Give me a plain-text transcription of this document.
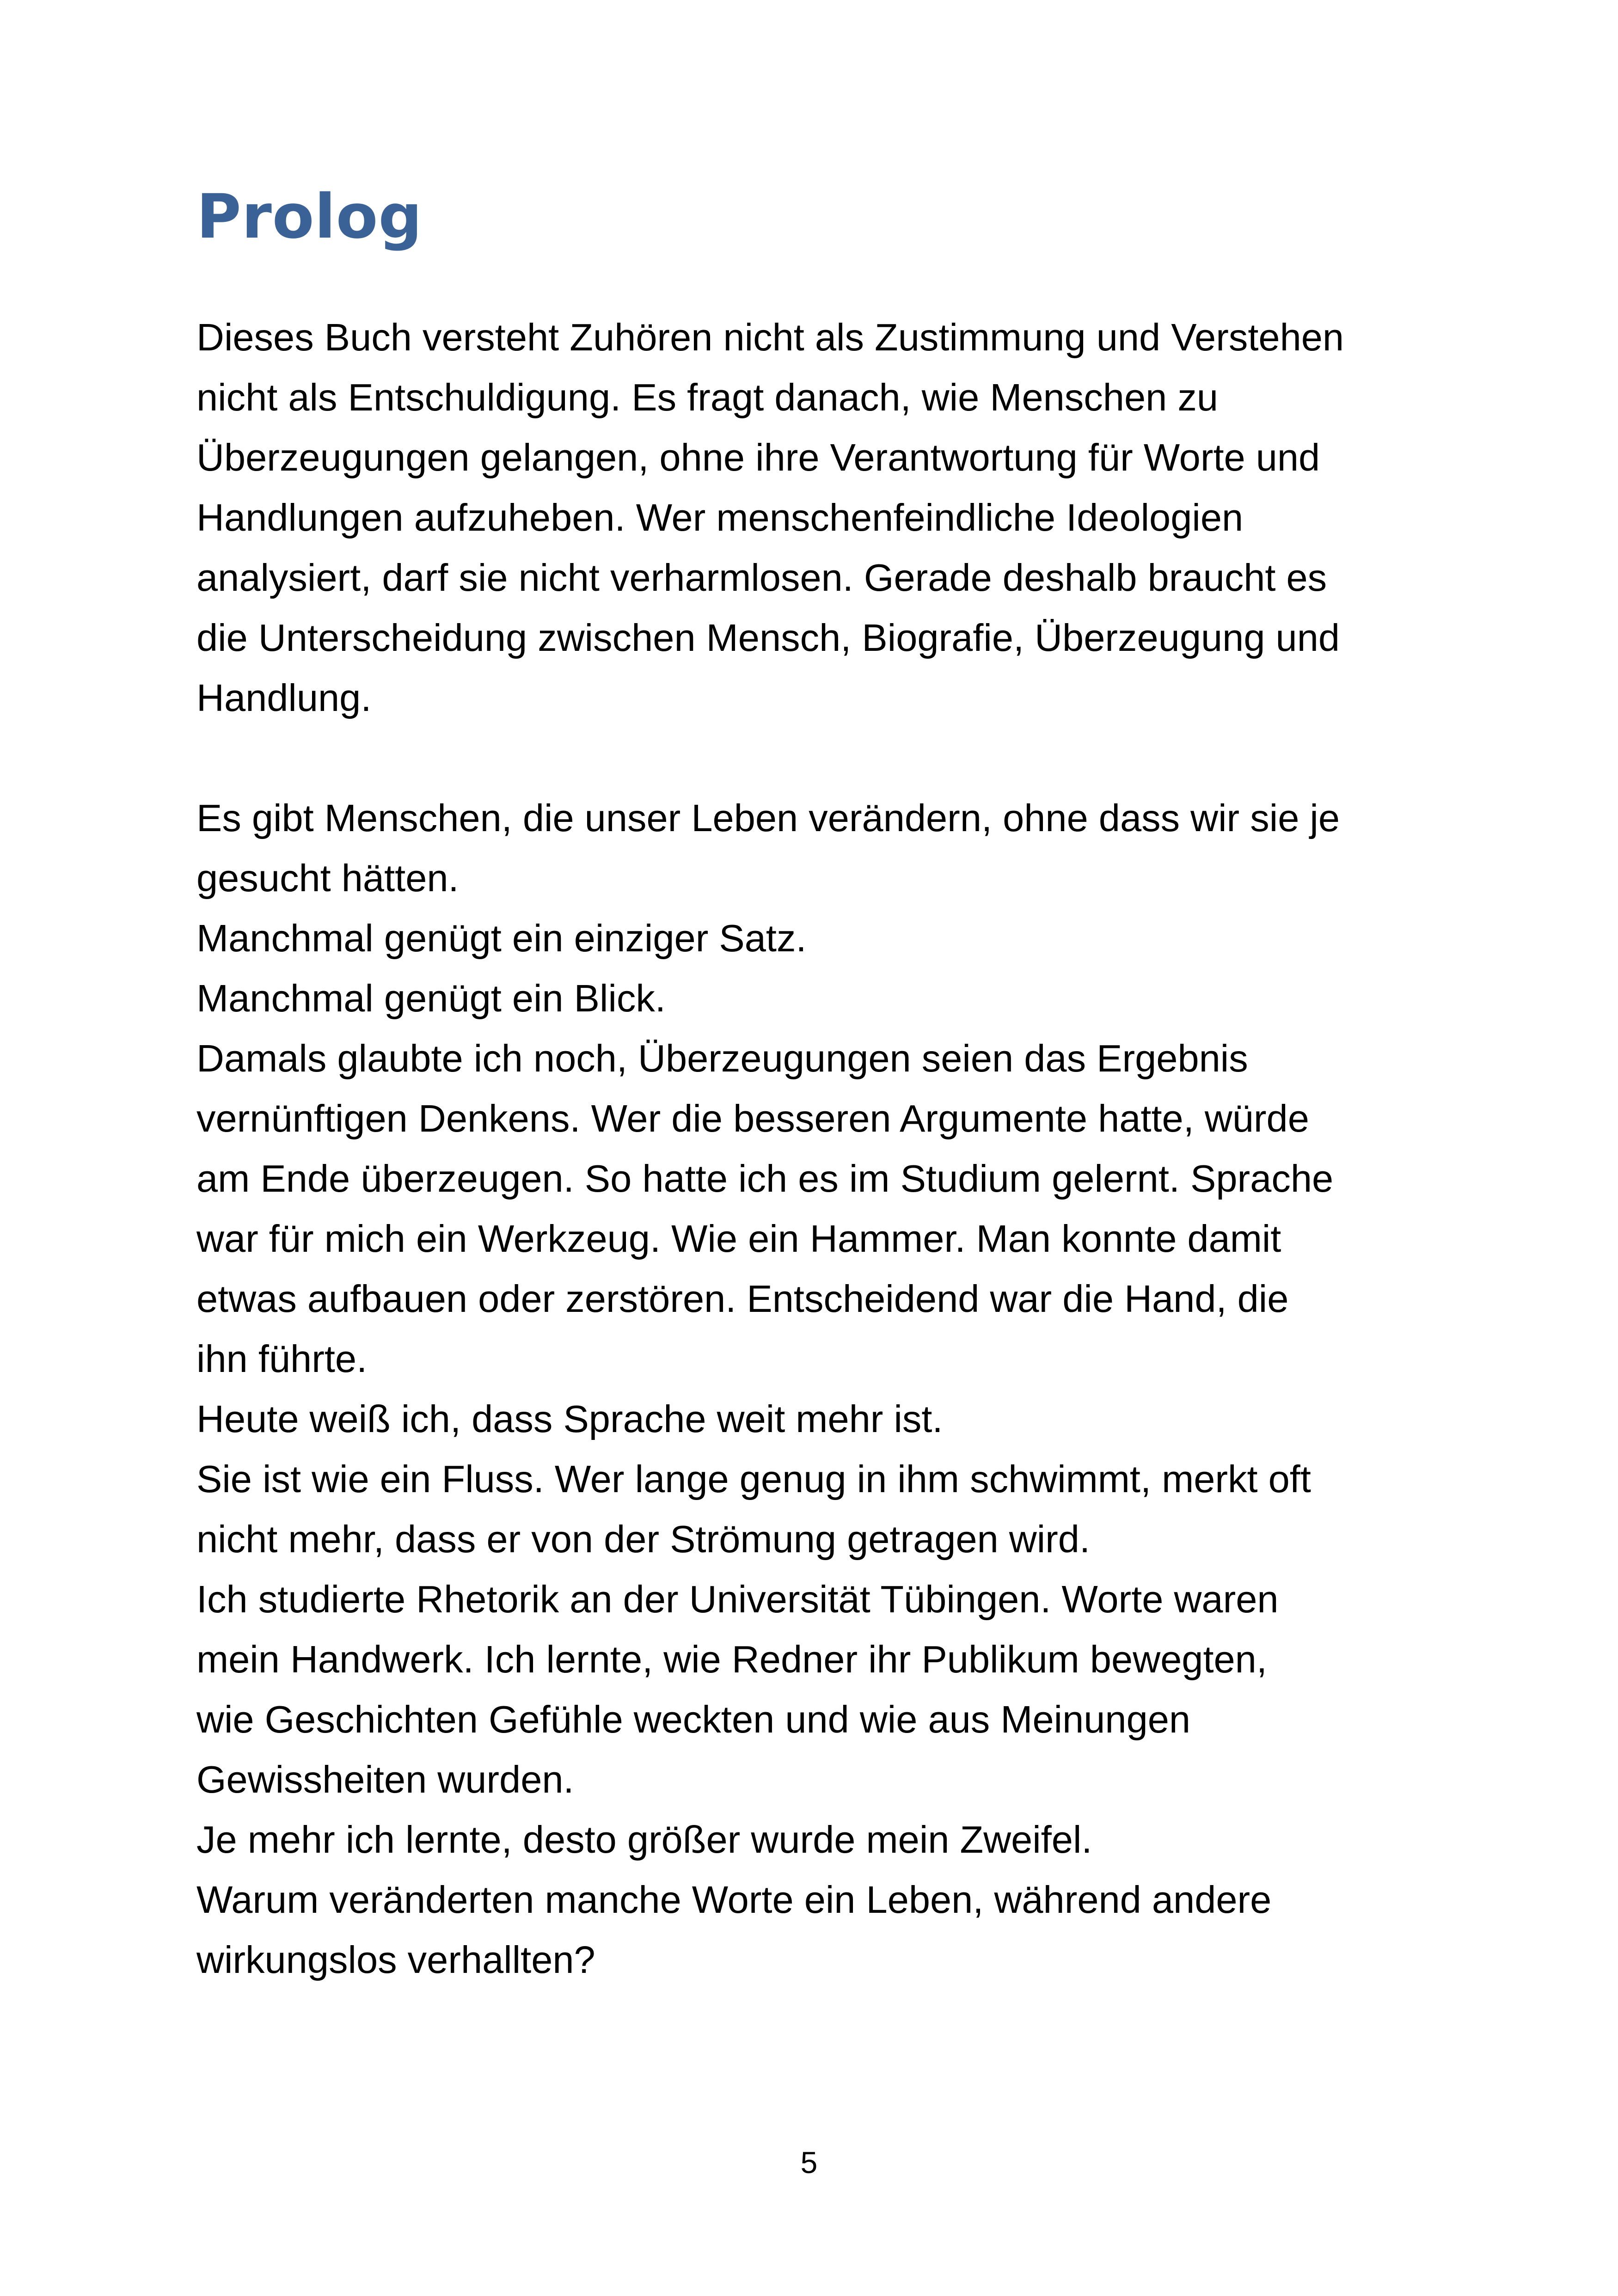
Prolog
Dieses Buch versteht Zuhören nicht als Zustimmung und Verstehen
nicht als Entschuldigung. Es fragt danach, wie Menschen zu
Überzeugungen gelangen, ohne ihre Verantwortung für Worte und
Handlungen aufzuheben. Wer menschenfeindliche Ideologien
analysiert, darf sie nicht verharmlosen. Gerade deshalb braucht es
die Unterscheidung zwischen Mensch, Biografie, Überzeugung und
Handlung.
Es gibt Menschen, die unser Leben verändern, ohne dass wir sie je
gesucht hätten.
Manchmal genügt ein einziger Satz.
Manchmal genügt ein Blick.
Damals glaubte ich noch, Überzeugungen seien das Ergebnis
vernünftigen Denkens. Wer die besseren Argumente hatte, würde
am Ende überzeugen. So hatte ich es im Studium gelernt. Sprache
war für mich ein Werkzeug. Wie ein Hammer. Man konnte damit
etwas aufbauen oder zerstören. Entscheidend war die Hand, die
ihn führte.
Heute weiß ich, dass Sprache weit mehr ist.
Sie ist wie ein Fluss. Wer lange genug in ihm schwimmt, merkt oft
nicht mehr, dass er von der Strömung getragen wird.
Ich studierte Rhetorik an der Universität Tübingen. Worte waren
mein Handwerk. Ich lernte, wie Redner ihr Publikum bewegten,
wie Geschichten Gefühle weckten und wie aus Meinungen
Gewissheiten wurden.
Je mehr ich lernte, desto größer wurde mein Zweifel.
Warum veränderten manche Worte ein Leben, während andere
wirkungslos verhallten?
5
